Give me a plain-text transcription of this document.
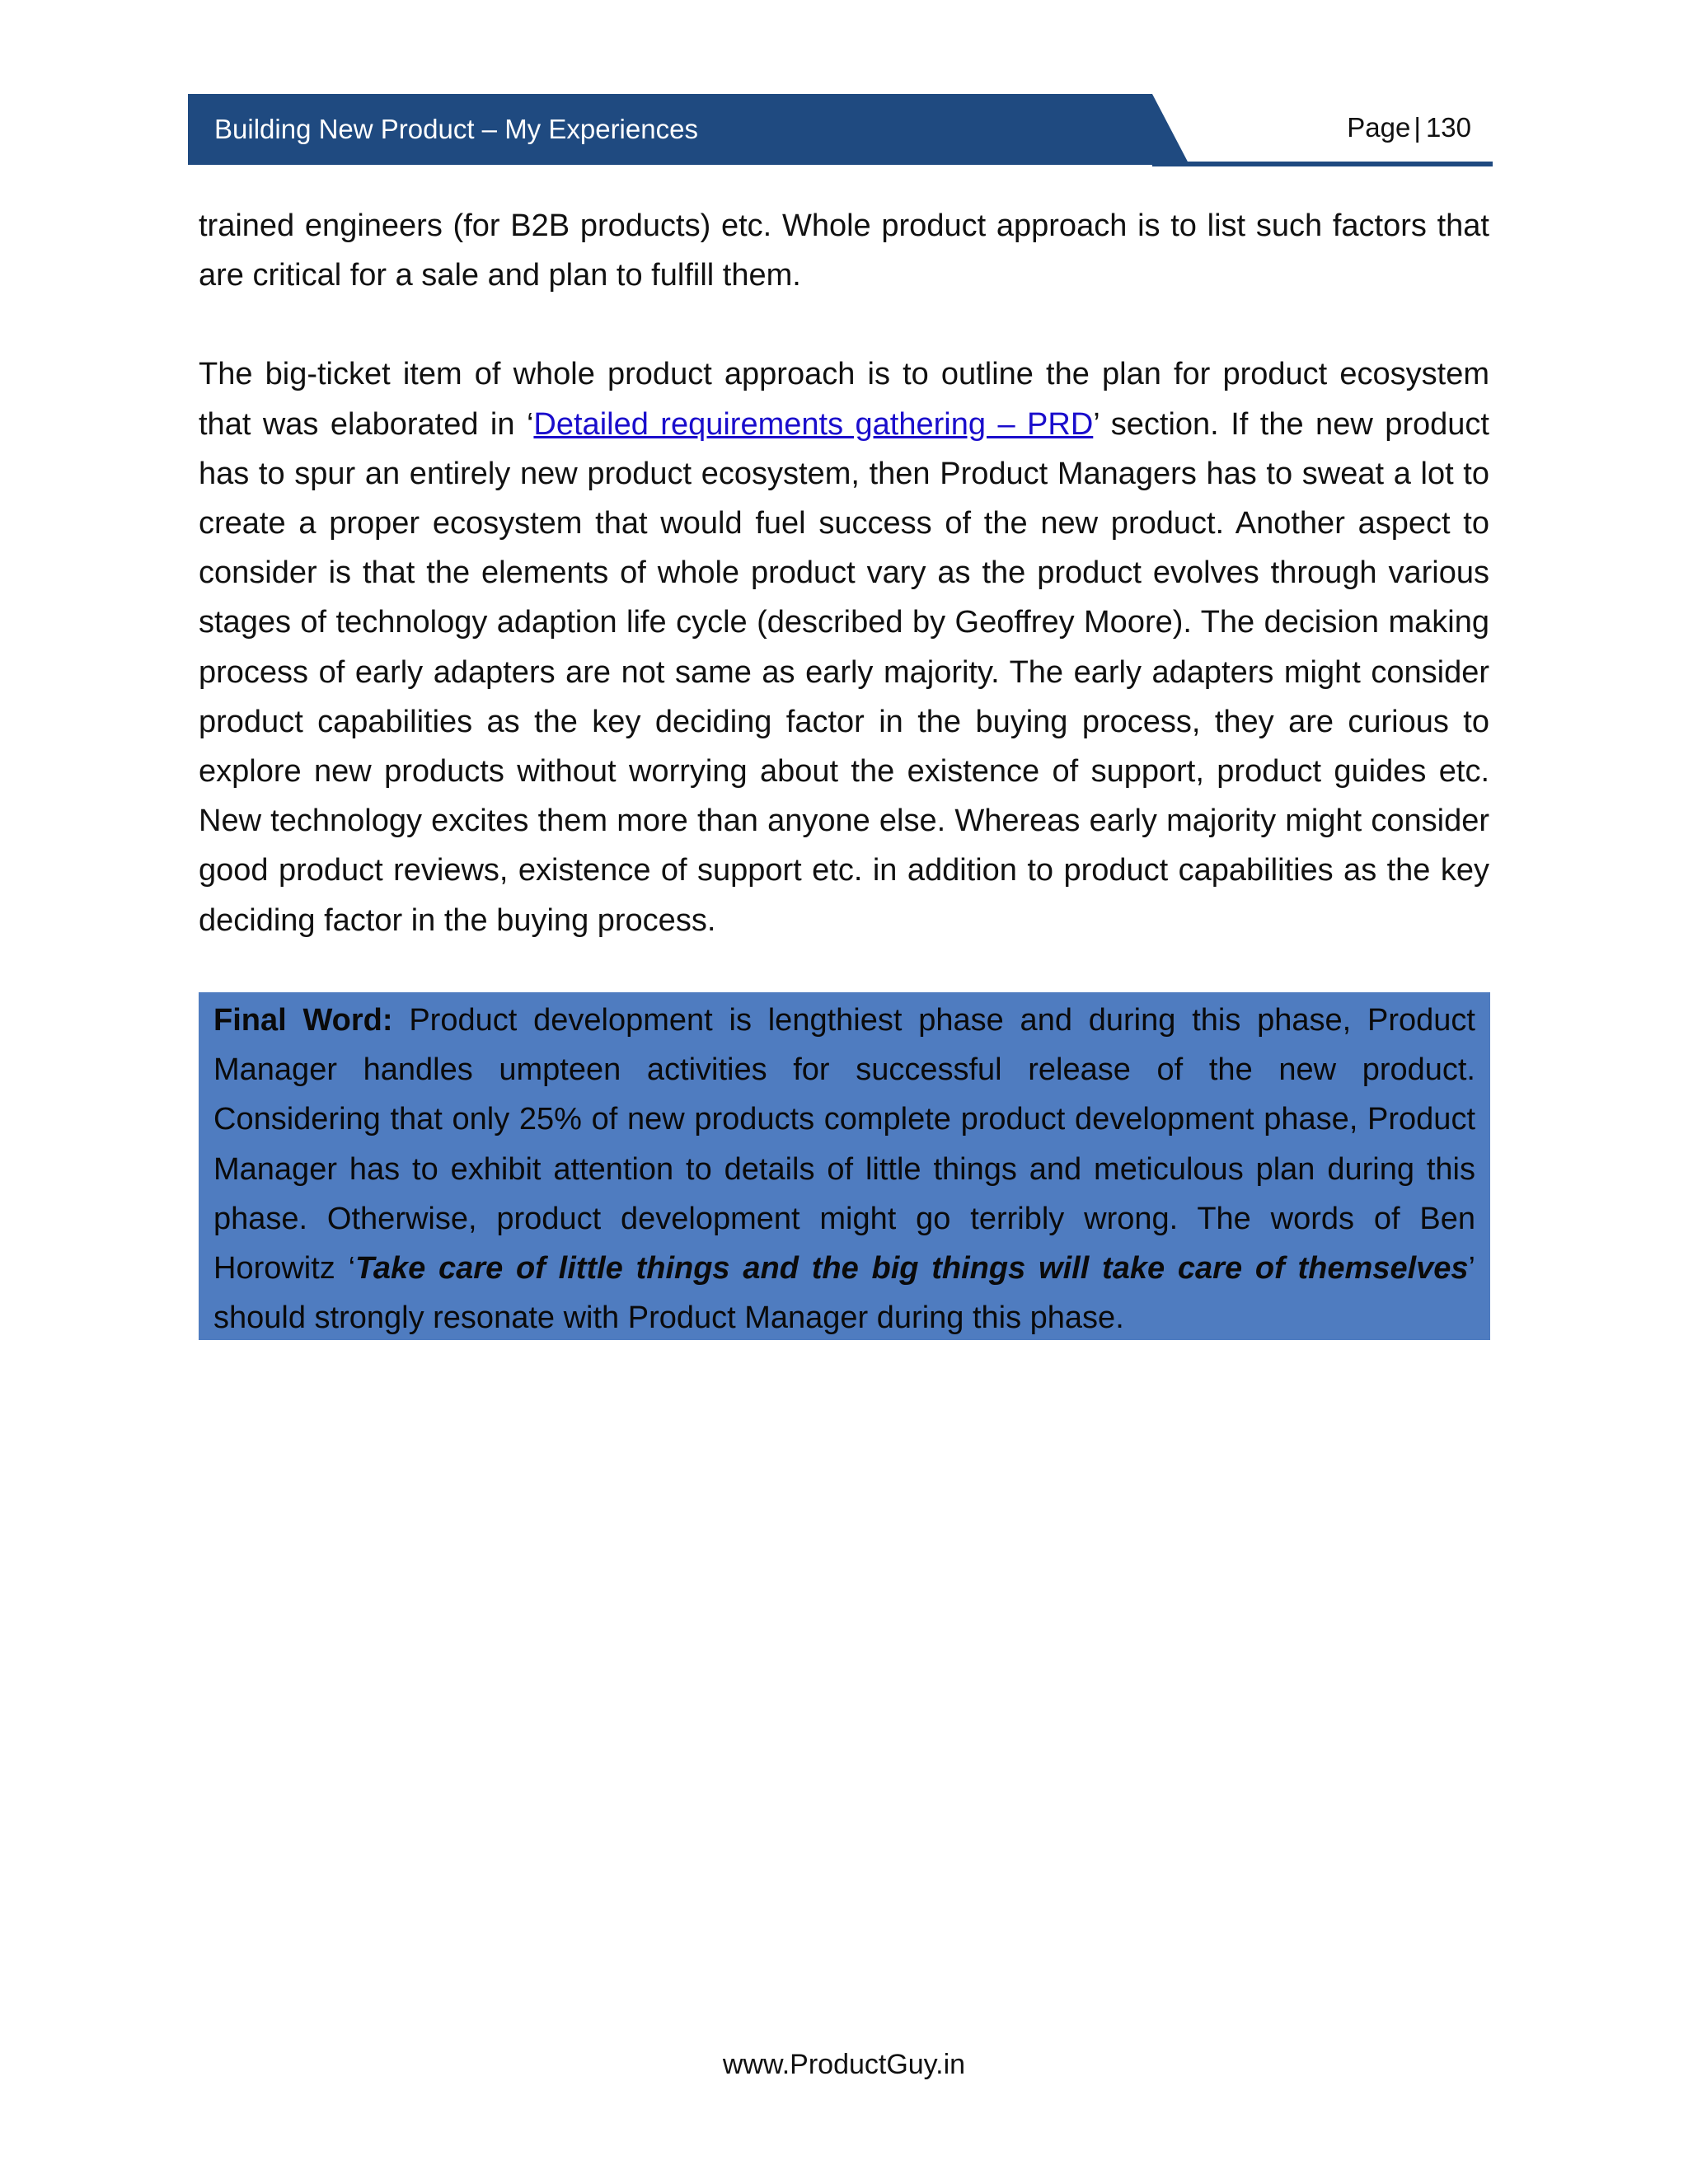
Building New Product – My Experiences	Page | 130

trained engineers (for B2B products) etc. Whole product approach is to list such factors that are critical for a sale and plan to fulfill them.

The big-ticket item of whole product approach is to outline the plan for product ecosystem that was elaborated in ‘Detailed requirements gathering – PRD’ section. If the new product has to spur an entirely new product ecosystem, then Product Managers has to sweat a lot to create a proper ecosystem that would fuel success of the new product. Another aspect to consider is that the elements of whole product vary as the product evolves through various stages of technology adaption life cycle (described by Geoffrey Moore). The decision making process of early adapters are not same as early majority. The early adapters might consider product capabilities as the key deciding factor in the buying process, they are curious to explore new products without worrying about the existence of support, product guides etc. New technology excites them more than anyone else. Whereas early majority might consider good product reviews, existence of support etc. in addition to product capabilities as the key deciding factor in the buying process.

Final Word: Product development is lengthiest phase and during this phase, Product Manager handles umpteen activities for successful release of the new product. Considering that only 25% of new products complete product development phase, Product Manager has to exhibit attention to details of little things and meticulous plan during this phase. Otherwise, product development might go terribly wrong. The words of Ben Horowitz ‘Take care of little things and the big things will take care of themselves’ should strongly resonate with Product Manager during this phase.
www.ProductGuy.in
